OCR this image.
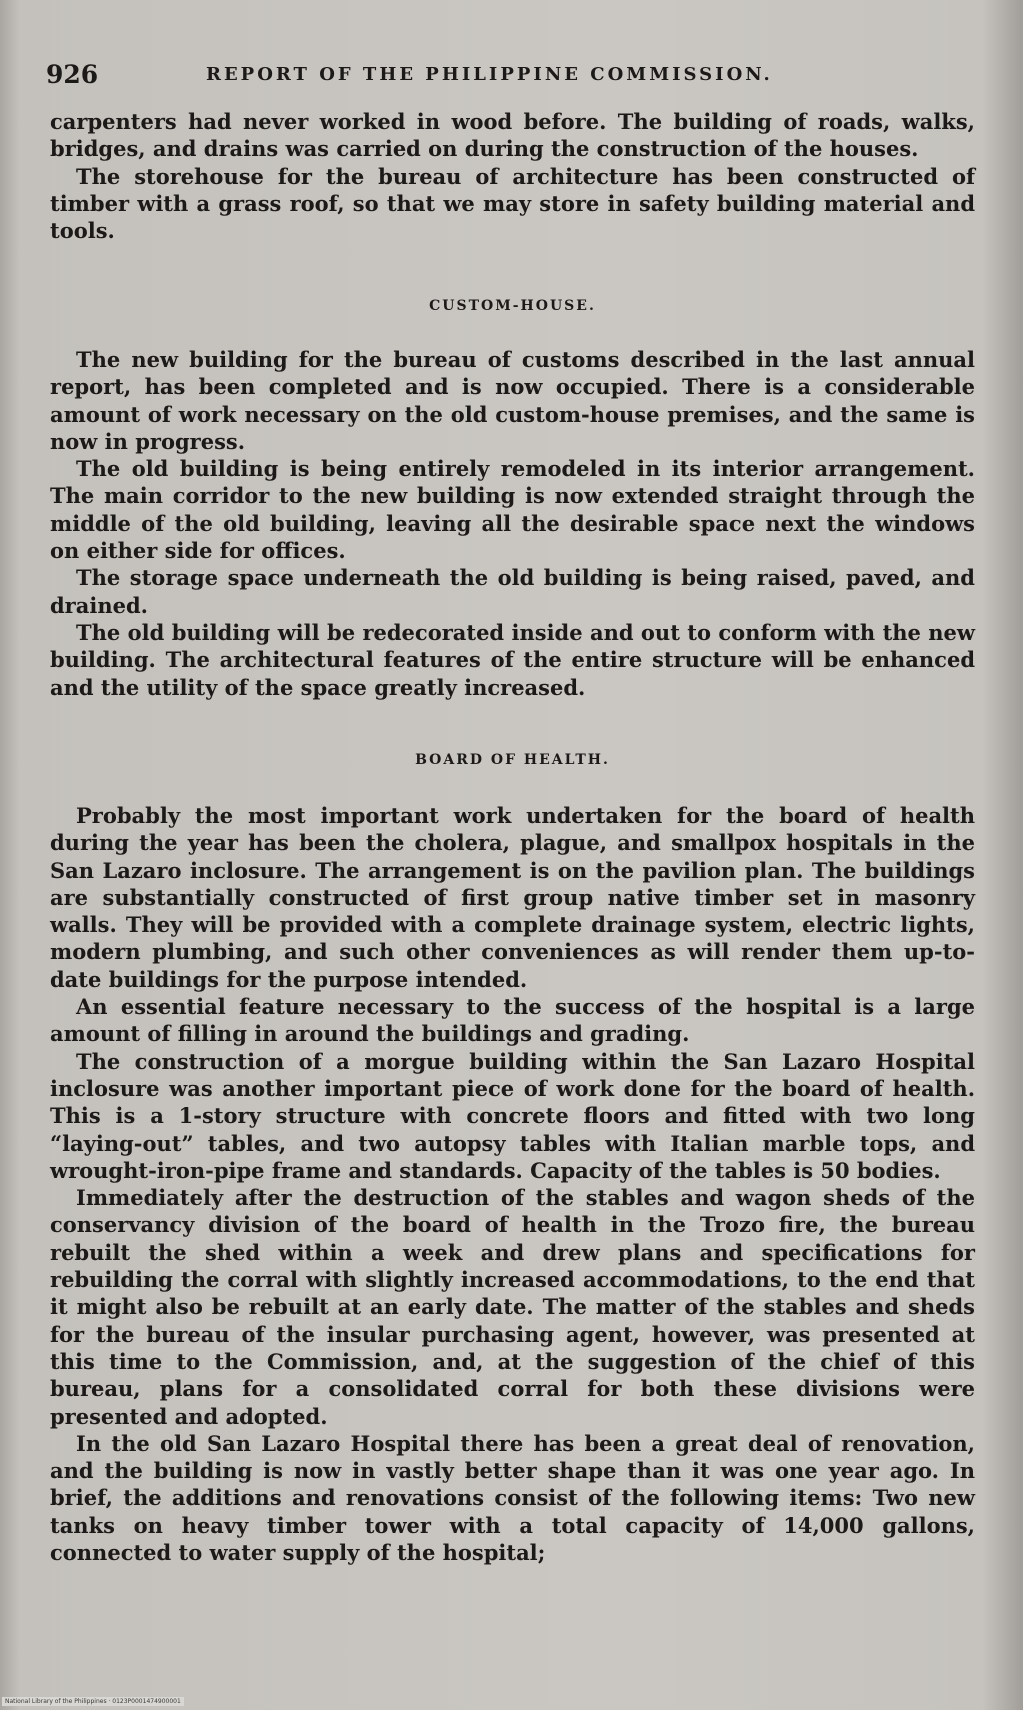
926	REPORT OF THE PHILIPPINE COMMISSION.

carpenters had never worked in wood before. The building of roads, walks, bridges, and drains was carried on during the construction of the houses.

The storehouse for the bureau of architecture has been constructed of timber with a grass roof, so that we may store in safety building material and tools.

CUSTOM-HOUSE.

The new building for the bureau of customs described in the last annual report, has been completed and is now occupied. There is a considerable amount of work necessary on the old custom-house premises, and the same is now in progress.

The old building is being entirely remodeled in its interior arrangement. The main corridor to the new building is now extended straight through the middle of the old building, leaving all the desirable space next the windows on either side for offices.

The storage space underneath the old building is being raised, paved, and drained.

The old building will be redecorated inside and out to conform with the new building. The architectural features of the entire structure will be enhanced and the utility of the space greatly increased.

BOARD OF HEALTH.

Probably the most important work undertaken for the board of health during the year has been the cholera, plague, and smallpox hospitals in the San Lazaro inclosure. The arrangement is on the pavilion plan. The buildings are substantially constructed of first group native timber set in masonry walls. They will be provided with a complete drainage system, electric lights, modern plumbing, and such other conveniences as will render them up-to-date buildings for the purpose intended.

An essential feature necessary to the success of the hospital is a large amount of filling in around the buildings and grading.

The construction of a morgue building within the San Lazaro Hospital inclosure was another important piece of work done for the board of health. This is a 1-story structure with concrete floors and fitted with two long “laying-out” tables, and two autopsy tables with Italian marble tops, and wrought-iron-pipe frame and standards. Capacity of the tables is 50 bodies.

Immediately after the destruction of the stables and wagon sheds of the conservancy division of the board of health in the Trozo fire, the bureau rebuilt the shed within a week and drew plans and specifications for rebuilding the corral with slightly increased accommodations, to the end that it might also be rebuilt at an early date. The matter of the stables and sheds for the bureau of the insular purchasing agent, however, was presented at this time to the Commission, and, at the suggestion of the chief of this bureau, plans for a consolidated corral for both these divisions were presented and adopted.

In the old San Lazaro Hospital there has been a great deal of renovation, and the building is now in vastly better shape than it was one year ago. In brief, the additions and renovations consist of the following items: Two new tanks on heavy timber tower with a total capacity of 14,000 gallons, connected to water supply of the hospital;

National Library of the Philippines · 0123P0001474900001
